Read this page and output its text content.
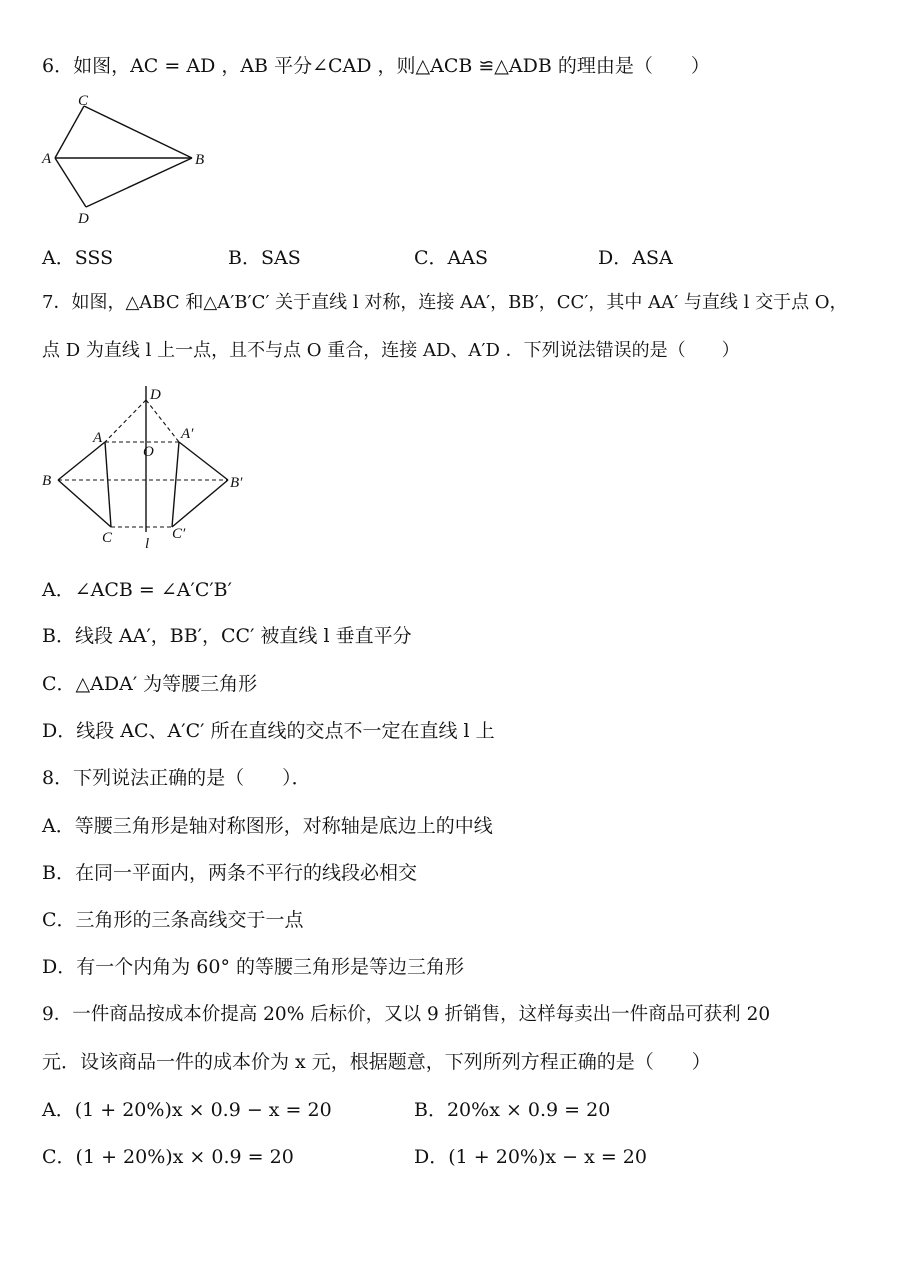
6．如图，AC = AD ，AB 平分∠CAD ，则△ACB ≌△ADB 的理由是（　　）
C
A	B
D
A．SSS	B．SAS	C．AAS	D．ASA
7．如图，△ABC 和△A′B′C′ 关于直线 l 对称，连接 AA′，BB′，CC′，其中 AA′ 与直线 l 交于点 O，
点 D 为直线 l 上一点，且不与点 O 重合，连接 AD、A′D ．下列说法错误的是（　　）
D
A	A′
O
B	B′
C	C′
l
A．∠ACB = ∠A′C′B′
B．线段 AA′，BB′，CC′ 被直线 l 垂直平分
C．△ADA′ 为等腰三角形
D．线段 AC、A′C′ 所在直线的交点不一定在直线 l 上
8．下列说法正确的是（　　）．
A．等腰三角形是轴对称图形，对称轴是底边上的中线
B．在同一平面内，两条不平行的线段必相交
C．三角形的三条高线交于一点
D．有一个内角为 60° 的等腰三角形是等边三角形
9．一件商品按成本价提高 20% 后标价，又以 9 折销售，这样每卖出一件商品可获利 20
元．设该商品一件的成本价为 x 元，根据题意，下列所列方程正确的是（　　）
A．(1 + 20%)x × 0.9 − x = 20	B．20%x × 0.9 = 20
C．(1 + 20%)x × 0.9 = 20	D．(1 + 20%)x − x = 20
